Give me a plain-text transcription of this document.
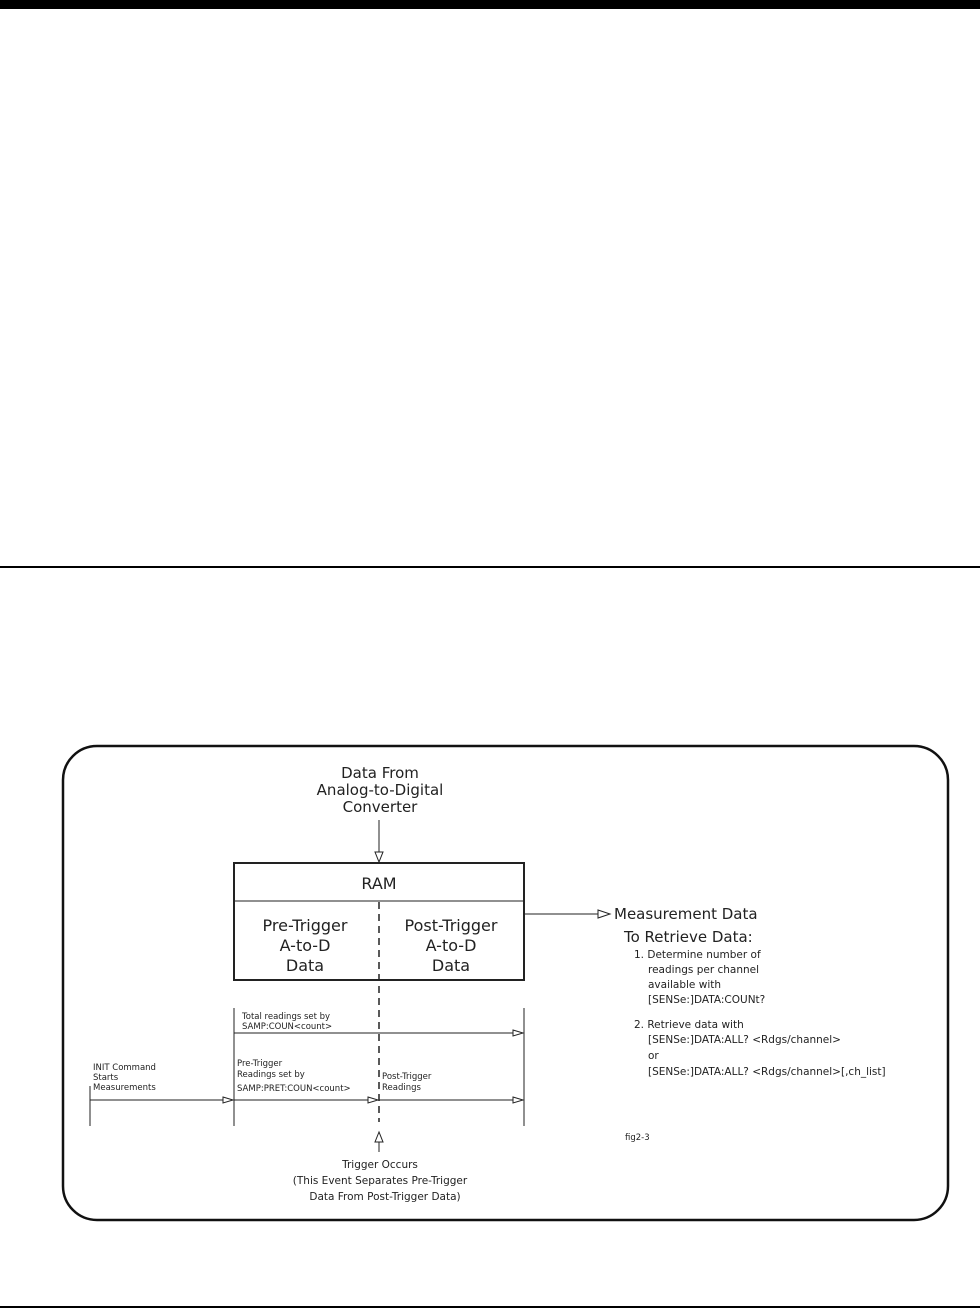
Data From
Analog-to-Digital
Converter
RAM
Pre-Trigger
A-to-D
Data
Post-Trigger
A-to-D
Data
Measurement Data
To Retrieve Data:
1. Determine number of
readings per channel
available with
[SENSe:]DATA:COUNt?
2. Retrieve data with
[SENSe:]DATA:ALL? <Rdgs/channel>
or
[SENSe:]DATA:ALL? <Rdgs/channel>[,ch_list]
Total readings set by
SAMP:COUN<count>
INIT Command
Starts
Measurements
Pre-Trigger
Readings set by
SAMP:PRET:COUN<count>
Post-Trigger
Readings
Trigger Occurs
(This Event Separates Pre-Trigger
Data From Post-Trigger Data)
fig2-3
